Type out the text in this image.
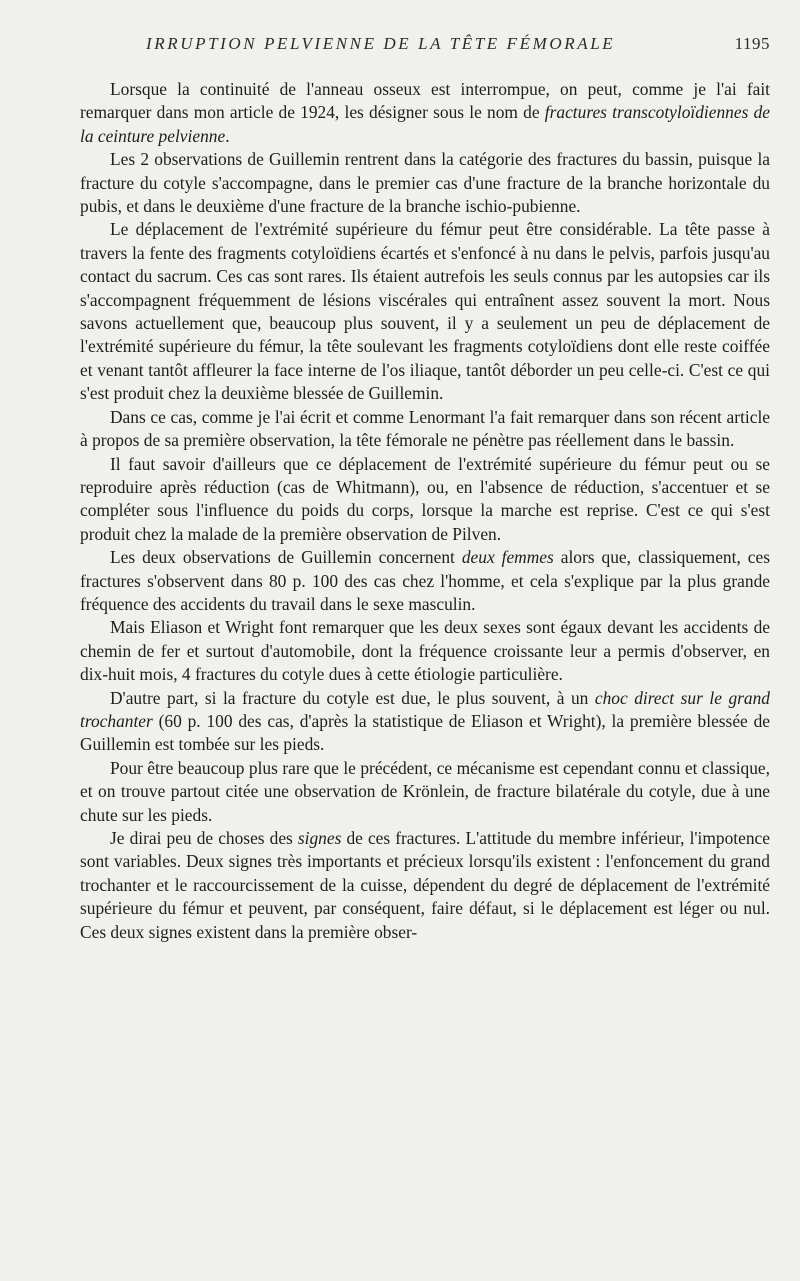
IRRUPTION PELVIENNE DE LA TÊTE FÉMORALE	1195

Lorsque la continuité de l'anneau osseux est interrompue, on peut, comme je l'ai fait remarquer dans mon article de 1924, les désigner sous le nom de fractures transcotyloïdiennes de la ceinture pelvienne.

Les 2 observations de Guillemin rentrent dans la catégorie des fractures du bassin, puisque la fracture du cotyle s'accompagne, dans le premier cas d'une fracture de la branche horizontale du pubis, et dans le deuxième d'une fracture de la branche ischio-pubienne.

Le déplacement de l'extrémité supérieure du fémur peut être considérable. La tête passe à travers la fente des fragments cotyloïdiens écartés et s'enfoncé à nu dans le pelvis, parfois jusqu'au contact du sacrum. Ces cas sont rares. Ils étaient autrefois les seuls connus par les autopsies car ils s'accompagnent fréquemment de lésions viscérales qui entraînent assez souvent la mort. Nous savons actuellement que, beaucoup plus souvent, il y a seulement un peu de déplacement de l'extrémité supérieure du fémur, la tête soulevant les fragments cotyloïdiens dont elle reste coiffée et venant tantôt affleurer la face interne de l'os iliaque, tantôt déborder un peu celle-ci. C'est ce qui s'est produit chez la deuxième blessée de Guillemin.

Dans ce cas, comme je l'ai écrit et comme Lenormant l'a fait remarquer dans son récent article à propos de sa première observation, la tête fémorale ne pénètre pas réellement dans le bassin.

Il faut savoir d'ailleurs que ce déplacement de l'extrémité supérieure du fémur peut ou se reproduire après réduction (cas de Whitmann), ou, en l'absence de réduction, s'accentuer et se compléter sous l'influence du poids du corps, lorsque la marche est reprise. C'est ce qui s'est produit chez la malade de la première observation de Pilven.

Les deux observations de Guillemin concernent deux femmes alors que, classiquement, ces fractures s'observent dans 80 p. 100 des cas chez l'homme, et cela s'explique par la plus grande fréquence des accidents du travail dans le sexe masculin.

Mais Eliason et Wright font remarquer que les deux sexes sont égaux devant les accidents de chemin de fer et surtout d'automobile, dont la fréquence croissante leur a permis d'observer, en dix-huit mois, 4 fractures du cotyle dues à cette étiologie particulière.

D'autre part, si la fracture du cotyle est due, le plus souvent, à un choc direct sur le grand trochanter (60 p. 100 des cas, d'après la statistique de Eliason et Wright), la première blessée de Guillemin est tombée sur les pieds.

Pour être beaucoup plus rare que le précédent, ce mécanisme est cependant connu et classique, et on trouve partout citée une observation de Krönlein, de fracture bilatérale du cotyle, due à une chute sur les pieds.

Je dirai peu de choses des signes de ces fractures. L'attitude du membre inférieur, l'impotence sont variables. Deux signes très importants et précieux lorsqu'ils existent : l'enfoncement du grand trochanter et le raccourcissement de la cuisse, dépendent du degré de déplacement de l'extrémité supérieure du fémur et peuvent, par conséquent, faire défaut, si le déplacement est léger ou nul. Ces deux signes existent dans la première obser-
